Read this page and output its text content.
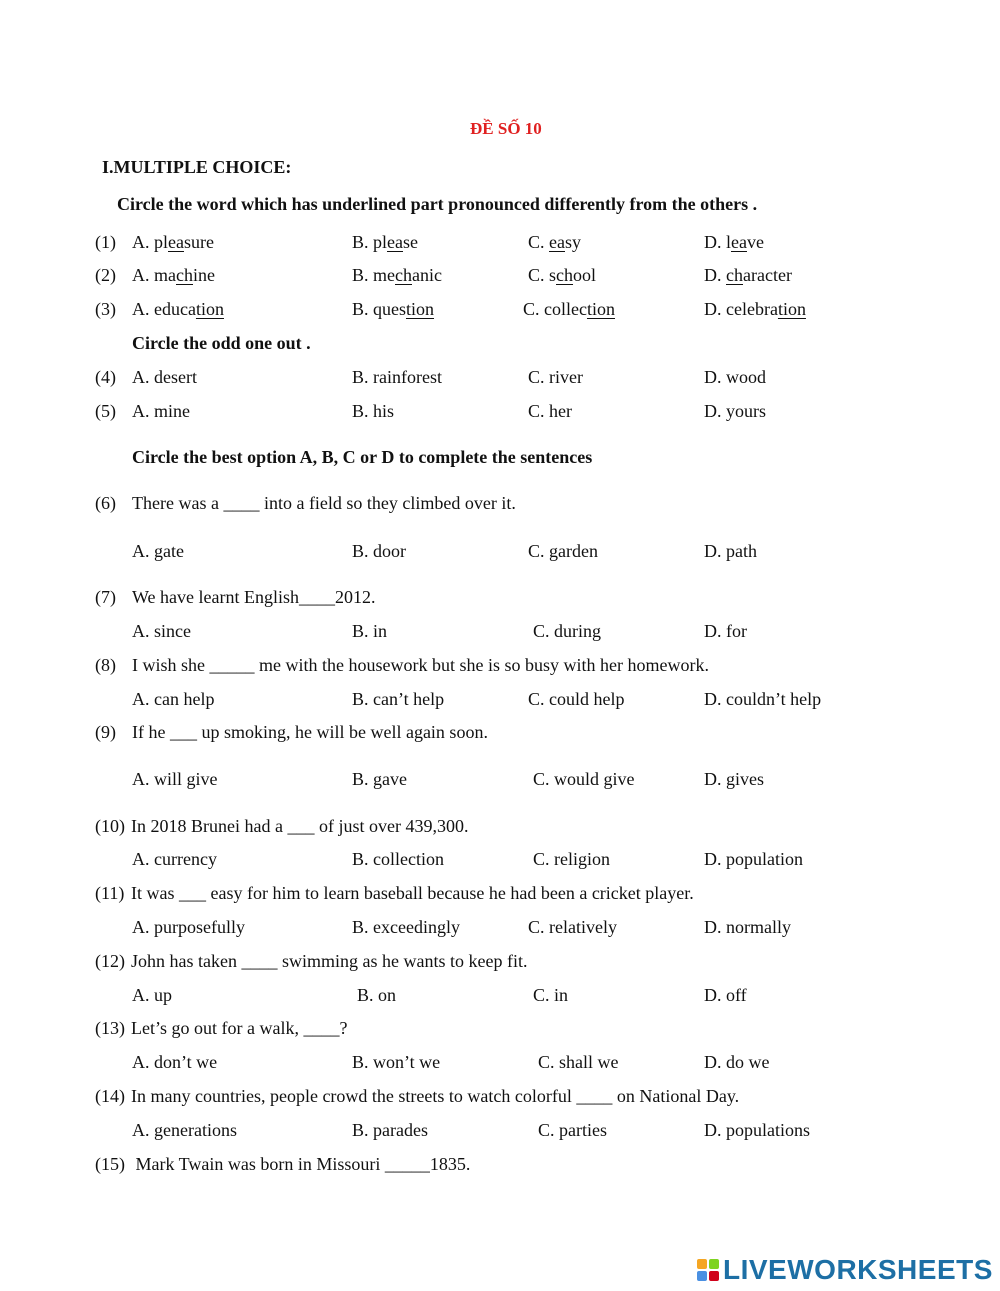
ĐỀ SỐ 10
I.MULTIPLE CHOICE:
Circle the word which has underlined part pronounced differently from the others .
(1) A. pleasure	B. please	C. easy	D. leave
(2) A. machine	B. mechanic	C. school	D. character
(3) A. education	B. question	C. collection	D. celebration
Circle the odd one out .
(4) A. desert	B. rainforest	C. river	D. wood
(5) A. mine	B. his	C. her	D. yours
Circle the best option A, B, C or D to complete the sentences
(6) There was a ____ into a field so they climbed over it.
A. gate	B. door	C. garden	D. path
(7) We have learnt English____2012.
A. since	B. in	C. during	D. for
(8) I wish she _____ me with the housework but she is so busy with her homework.
A. can help	B. can’t help	C. could help	D. couldn’t help
(9) If he ___ up smoking, he will be well again soon.
A. will give	B. gave	C. would give	D. gives
(10) In 2018 Brunei had a ___ of just over 439,300.
A. currency	B. collection	C. religion	D. population
(11) It was ___ easy for him to learn baseball because he had been a cricket player.
A. purposefully	B. exceedingly	C. relatively	D. normally
(12) John has taken ____ swimming as he wants to keep fit.
A. up	B. on	C. in	D. off
(13) Let’s go out for a walk, ____?
A. don’t we	B. won’t we	C. shall we	D. do we
(14) In many countries, people crowd the streets to watch colorful ____ on National Day.
A. generations	B. parades	C. parties	D. populations
(15) Mark Twain was born in Missouri _____1835.
LIVEWORKSHEETS
